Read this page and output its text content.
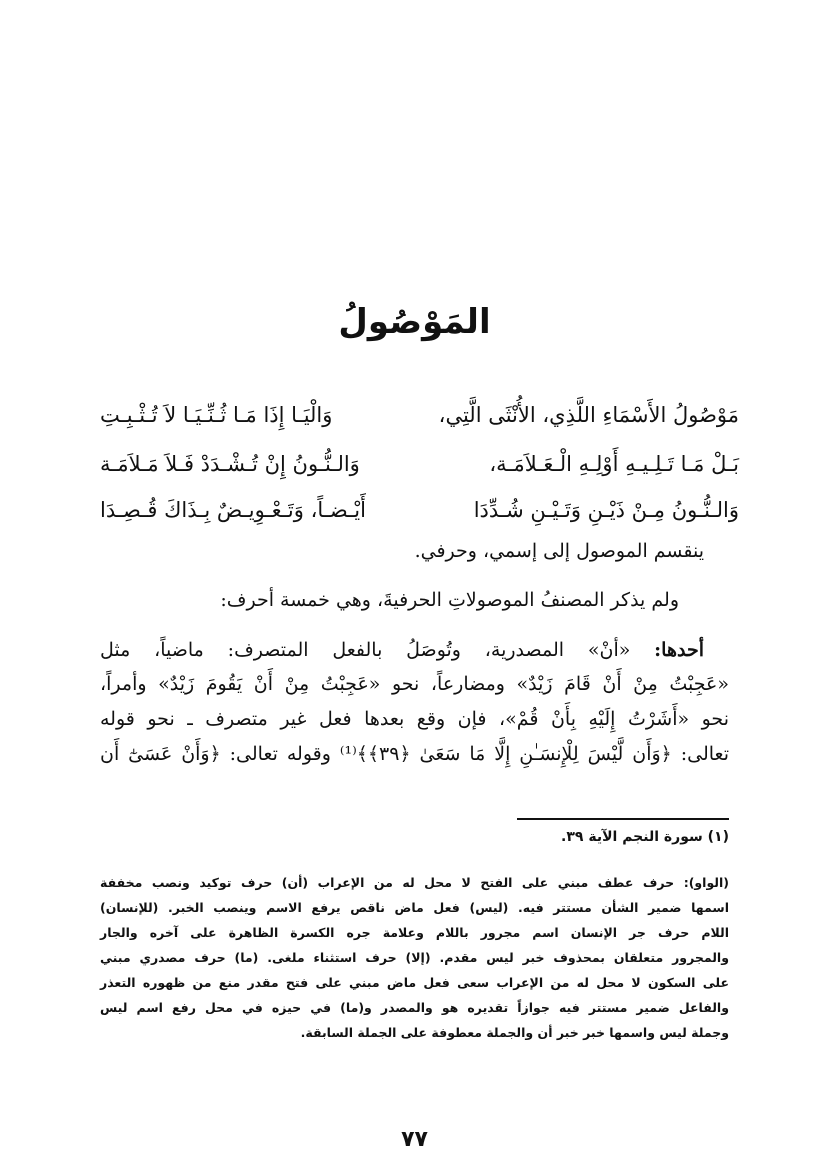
المَوْصُولُ
مَوْصُولُ الأَسْمَاءِ اللَّذِي، الأُنْثَى الَّتِي،
وَالْيَـا إِذَا مَـا ثُـنِّـيَـا لاَ تُـثْـبِـتِ
بَـلْ مَـا تَـلِـيـهِ أَوْلِـهِ الْـعَـلاَمَـة،
وَالـنُّـونُ إِنْ تُـشْـدَدْ فَـلاَ مَـلاَمَـة
وَالـنُّـونُ مِـنْ ذَيْـنِ وَتَـيْـنِ شُـدِّدَا
أَيْـضـاً، وَتَـعْـوِيـضٌ بِـذَاكَ قُـصِـدَا
ينقسم الموصول إلى إسمي، وحرفي.
ولم يذكر المصنفُ الموصولاتِ الحرفيةَ، وهي خمسة أحرف:
أحدها: «أنْ» المصدرية، وتُوصَلُ بالفعل المتصرف: ماضياً، مثل
«عَجِبْتُ مِنْ أَنْ قَامَ زَيْدٌ» ومضارعاً، نحو «عَجِبْتُ مِنْ أَنْ يَقُومَ زَيْدٌ» وأمراً،
نحو «أَشَرْتُ إِلَيْهِ بِأَنْ قُمْ»، فإن وقع بعدها فعل غير متصرف ـ نحو قوله
تعالى: ﴿وَأَن لَّيْسَ لِلْإِنسَـٰنِ إِلَّا مَا سَعَىٰ ﴿٣٩﴾﴾⁽¹⁾ وقوله تعالى: ﴿وَأَنْ عَسَىٰٓ أَن
(١) سورة النجم الآية ٣٩.
(الواو): حرف عطف مبني على الفتح لا محل له من الإعراب (أن) حرف توكيد ونصب مخففة
اسمها ضمير الشأن مستتر فيه. (ليس) فعل ماض ناقص يرفع الاسم وينصب الخبر. (للإنسان)
اللام حرف جر الإنسان اسم مجرور باللام وعلامة جره الكسرة الظاهرة على آخره والجار
والمجرور متعلقان بمحذوف خبر ليس مقدم. (إلا) حرف استثناء ملغى. (ما) حرف مصدري مبني
على السكون لا محل له من الإعراب سعى فعل ماض مبني على فتح مقدر منع من ظهوره التعذر
والفاعل ضمير مستتر فيه جوازاً تقديره هو والمصدر و(ما) في حيزه في محل رفع اسم ليس
وجملة ليس واسمها خبر خبر أن والجملة معطوفة على الجملة السابقة.
٧٧
